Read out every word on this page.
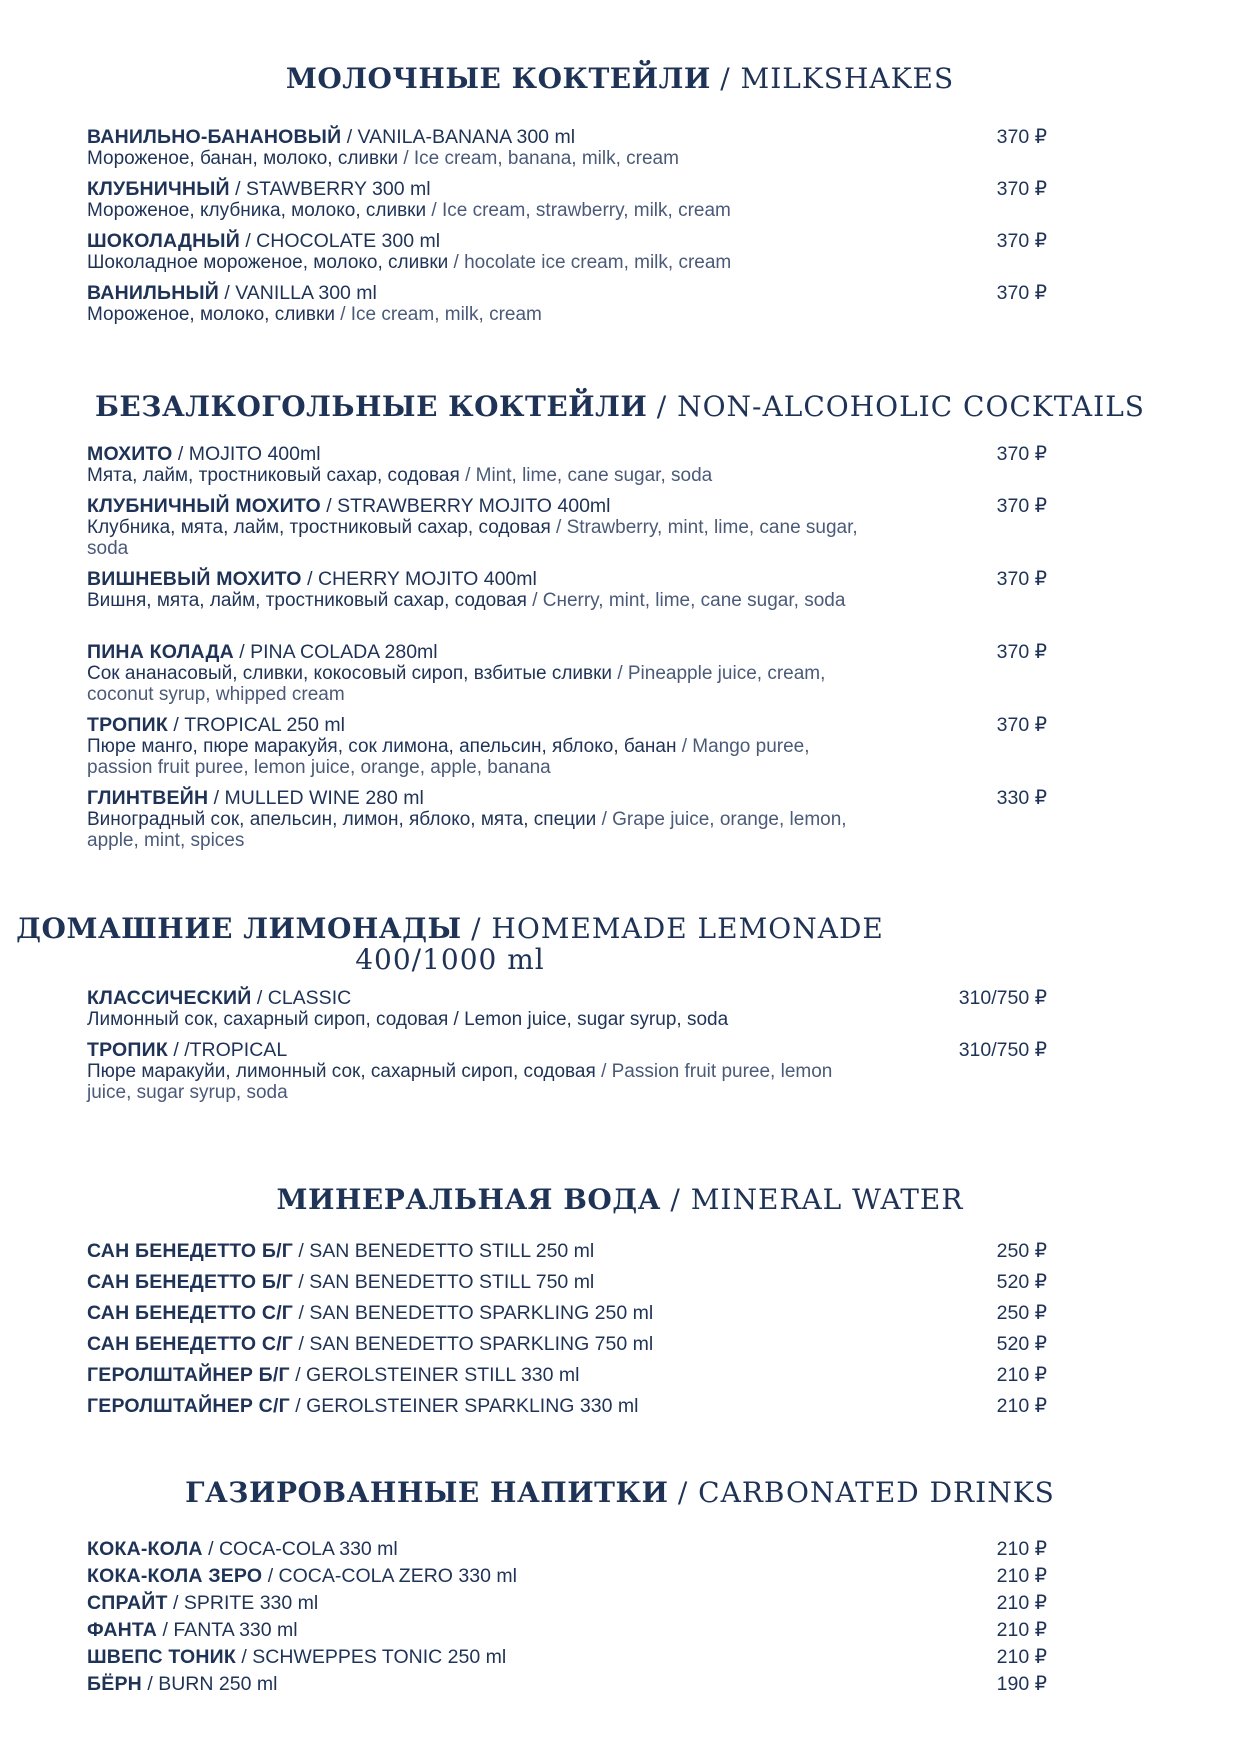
МОЛОЧНЫЕ КОКТЕЙЛИ / MILKSHAKES
ВАНИЛЬНО-БАНАНОВЫЙ / VANILA-BANANA 300 ml
Мороженое, банан, молоко, сливки / Ice cream, banana, milk, cream
370 ₽
КЛУБНИЧНЫЙ / STAWBERRY 300 ml
Мороженое, клубника, молоко, сливки / Ice cream, strawberry, milk, cream
370 ₽
ШОКОЛАДНЫЙ / CHOCOLATE 300 ml
Шоколадное мороженое, молоко, сливки / hocolate ice cream, milk, cream
370 ₽
ВАНИЛЬНЫЙ / VANILLA 300 ml
Мороженое, молоко, сливки / Ice cream, milk, cream
370 ₽
БЕЗАЛКОГОЛЬНЫЕ КОКТЕЙЛИ / NON-ALCOHOLIC COCKTAILS
МОХИТО / MOJITO 400ml
Мята, лайм, тростниковый сахар, содовая / Mint, lime, cane sugar, soda
370 ₽
КЛУБНИЧНЫЙ МОХИТО / STRAWBERRY MOJITO 400ml
Клубника, мята, лайм, тростниковый сахар, содовая / Strawberry, mint, lime, cane sugar, soda
370 ₽
ВИШНЕВЫЙ МОХИТО / CHERRY MOJITO 400ml
Вишня, мята, лайм, тростниковый сахар, содовая / Cнerry, mint, lime, cane sugar, soda
370 ₽
ПИНА КОЛАДА / PINA COLADA 280ml
Сок ананасовый, сливки, кокосовый сироп, взбитые сливки / Pineapple juice, cream, coconut syrup, whipped cream
370 ₽
ТРОПИК / TROPICAL 250 ml
Пюре манго, пюре маракуйя, сок лимона, апельсин, яблоко, банан / Mango puree, passion fruit puree, lemon juice, orange, apple, banana
370 ₽
ГЛИНТВЕЙН / MULLED WINE 280 ml
Виноградный сок, апельсин, лимон, яблоко, мята, специи / Grape juice, orange, lemon, apple, mint, spices
330 ₽
ДОМАШНИЕ ЛИМОНАДЫ / HOMEMADE LEMONADE
400/1000 ml
КЛАССИЧЕСКИЙ / CLASSIC
Лимонный сок, сахарный сироп, содовая / Lemon juice, sugar syrup, soda
310/750 ₽
ТРОПИК / /TROPICAL
Пюре маракуйи, лимонный сок, сахарный сироп, содовая / Passion fruit puree, lemon juice, sugar syrup, soda
310/750 ₽
МИНЕРАЛЬНАЯ ВОДА / MINERAL WATER
САН БЕНЕДЕТТО Б/Г / SAN BENEDETTO STILL 250 ml	250 ₽
САН БЕНЕДЕТТО Б/Г / SAN BENEDETTO STILL 750 ml	520 ₽
САН БЕНЕДЕТТО С/Г / SAN BENEDETTO SPARKLING 250 ml	250 ₽
САН БЕНЕДЕТТО С/Г / SAN BENEDETTO SPARKLING 750 ml	520 ₽
ГЕРОЛШТАЙНЕР Б/Г / GEROLSTEINER STILL 330 ml	210 ₽
ГЕРОЛШТАЙНЕР С/Г / GEROLSTEINER SPARKLING 330 ml	210 ₽
ГАЗИРОВАННЫЕ НАПИТКИ / CARBONATED DRINKS
КОКА-КОЛА / COCA-COLA 330 ml	210 ₽
КОКА-КОЛА ЗЕРО / COCA-COLA ZERO 330 ml	210 ₽
СПРАЙТ / SPRITE 330 ml	210 ₽
ФАНТА / FANTA 330 ml	210 ₽
ШВЕПС ТОНИК / SCHWEPPES TONIC 250 ml	210 ₽
БЁРН / BURN 250 ml	190 ₽
